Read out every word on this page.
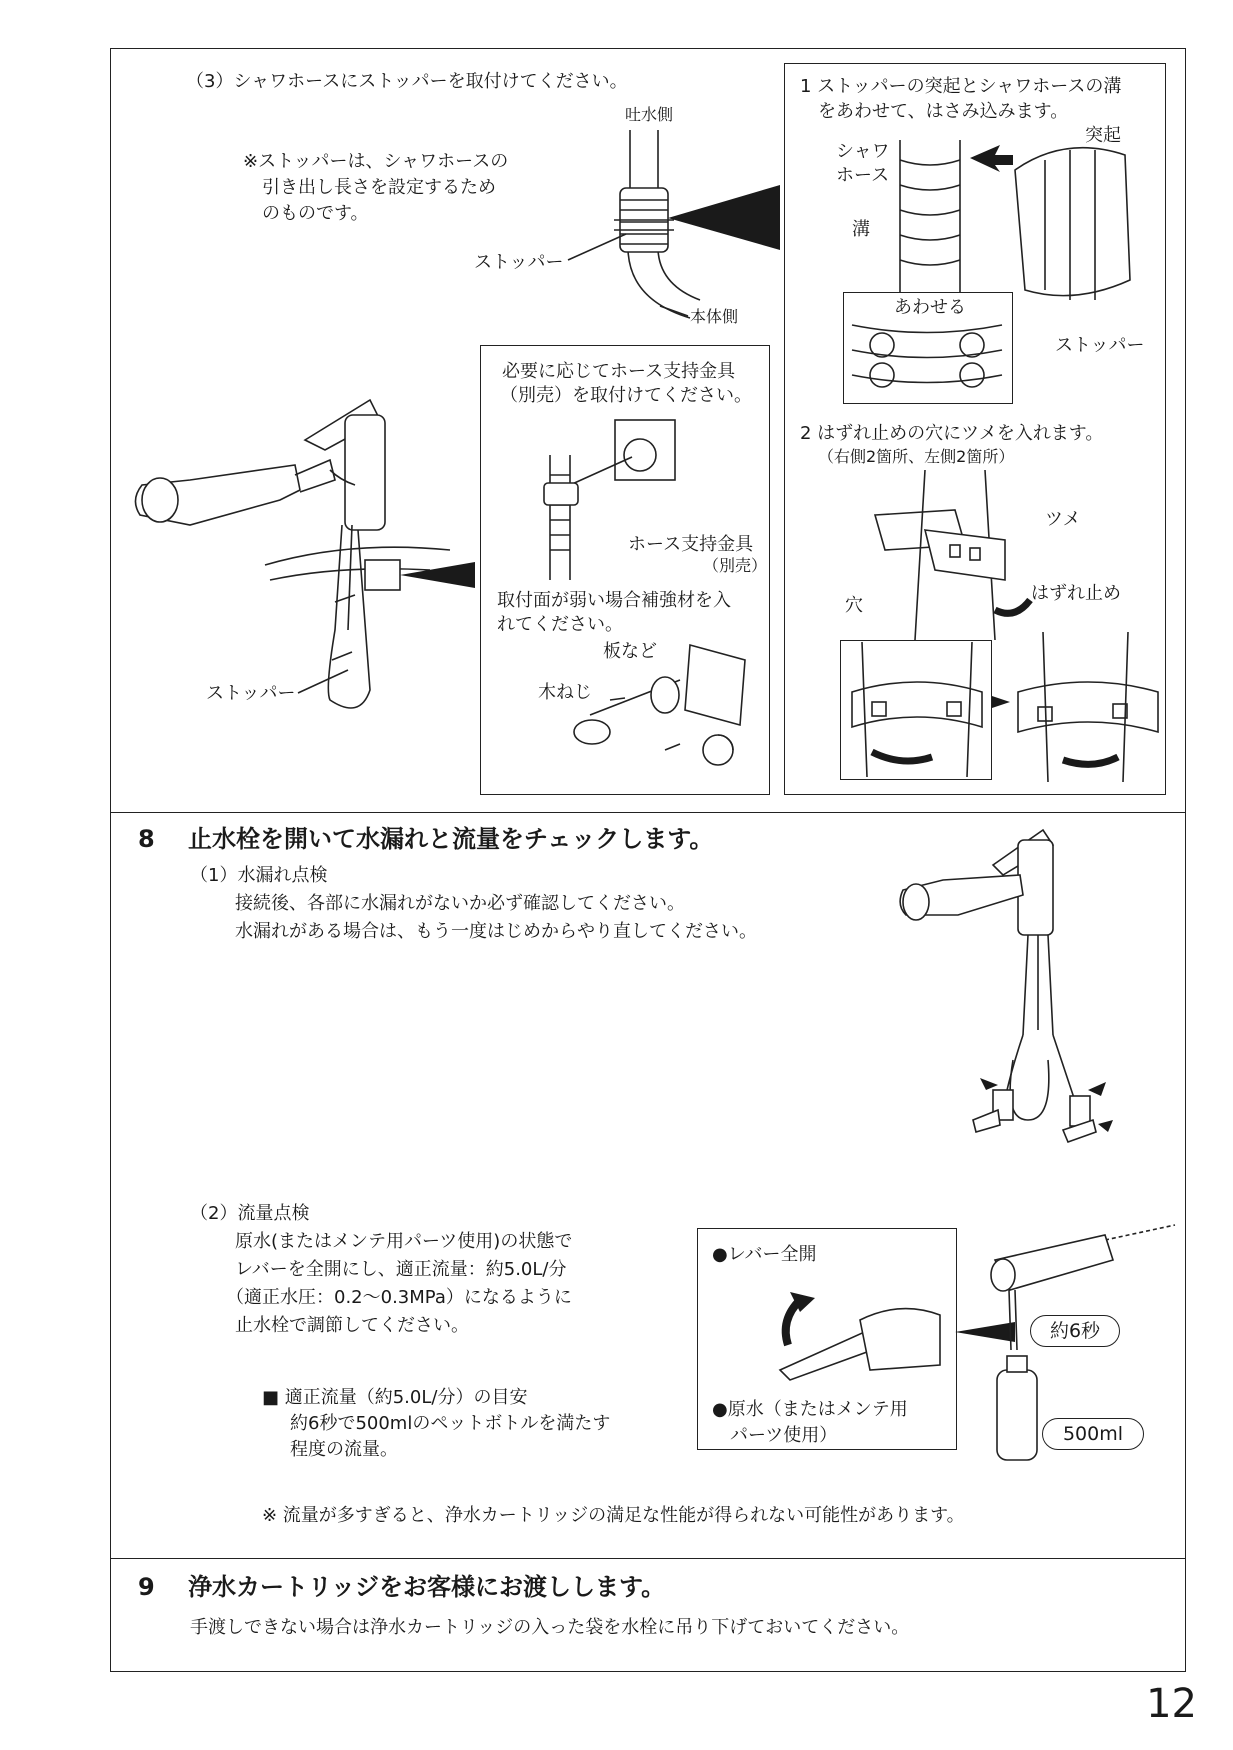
（3）シャワホースにストッパーを取付けてください。
※ストッパーは、シャワホースの
引き出し長さを設定するため
のものです。
吐水側
ストッパー
本体側
ストッパー
必要に応じてホース支持金具
（別売）を取付けてください。
ホース支持金具
（別売）
取付面が弱い場合補強材を入
れてください。
板など
木ねじ
1 ストッパーの突起とシャワホースの溝
をあわせて、はさみ込みます。
シャワ
ホース
突起
溝
あわせる
ストッパー
2 はずれ止めの穴にツメを入れます。
（右側2箇所、左側2箇所）
ツメ
穴
はずれ止め
8 止水栓を開いて水漏れと流量をチェックします。
（1）水漏れ点検
接続後、各部に水漏れがないか必ず確認してください。
水漏れがある場合は、もう一度はじめからやり直してください。
（2）流量点検
原水(またはメンテ用パーツ使用)の状態で
レバーを全開にし、適正流量：約5.0L/分
（適正水圧：0.2〜0.3MPa）になるように
止水栓で調節してください。
■ 適正流量（約5.0L/分）の目安
約6秒で500mlのペットボトルを満たす
程度の流量。
●レバー全開
●原水（またはメンテ用
パーツ使用）
約6秒
500ml
※ 流量が多すぎると、浄水カートリッジの満足な性能が得られない可能性があります。
9 浄水カートリッジをお客様にお渡しします。
手渡しできない場合は浄水カートリッジの入った袋を水栓に吊り下げておいてください。
12
